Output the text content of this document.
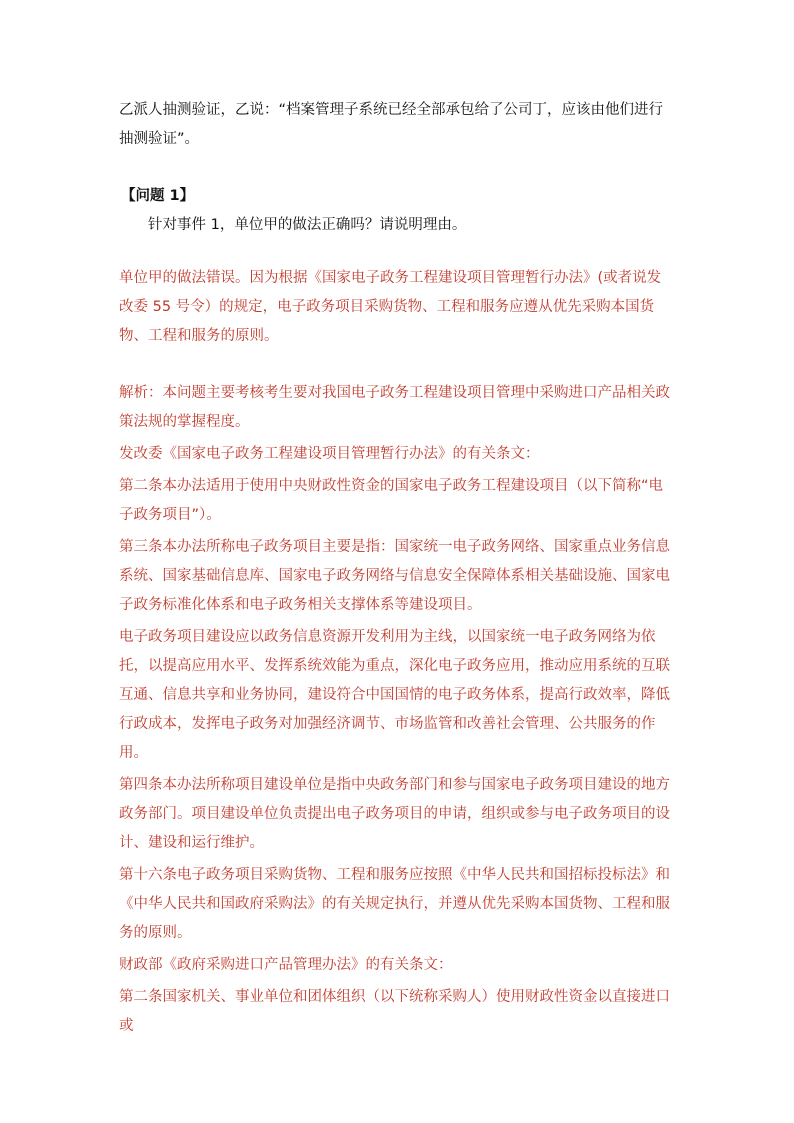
乙派人抽测验证，乙说：“档案管理子系统已经全部承包给了公司丁，应该由他们进行抽测验证”。

【问题 1】

针对事件 1，单位甲的做法正确吗？请说明理由。

单位甲的做法错误。因为根据《国家电子政务工程建设项目管理暂行办法》(或者说发改委 55 号令）的规定，电子政务项目采购货物、工程和服务应遵从优先采购本国货物、工程和服务的原则。

解析：本问题主要考核考生要对我国电子政务工程建设项目管理中采购进口产品相关政策法规的掌握程度。

发改委《国家电子政务工程建设项目管理暂行办法》的有关条文：

第二条本办法适用于使用中央财政性资金的国家电子政务工程建设项目（以下简称“电子政务项目”）。

第三条本办法所称电子政务项目主要是指：国家统一电子政务网络、国家重点业务信息系统、国家基础信息库、国家电子政务网络与信息安全保障体系相关基础设施、国家电子政务标准化体系和电子政务相关支撑体系等建设项目。

电子政务项目建设应以政务信息资源开发利用为主线，以国家统一电子政务网络为依托，以提高应用水平、发挥系统效能为重点，深化电子政务应用，推动应用系统的互联互通、信息共享和业务协同，建设符合中国国情的电子政务体系，提高行政效率，降低行政成本，发挥电子政务对加强经济调节、市场监管和改善社会管理、公共服务的作用。

第四条本办法所称项目建设单位是指中央政务部门和参与国家电子政务项目建设的地方政务部门。项目建设单位负责提出电子政务项目的申请，组织或参与电子政务项目的设计、建设和运行维护。

第十六条电子政务项目采购货物、工程和服务应按照《中华人民共和国招标投标法》和《中华人民共和国政府采购法》的有关规定执行，并遵从优先采购本国货物、工程和服务的原则。

财政部《政府采购进口产品管理办法》的有关条文：

第二条国家机关、事业单位和团体组织（以下统称采购人）使用财政性资金以直接进口或
